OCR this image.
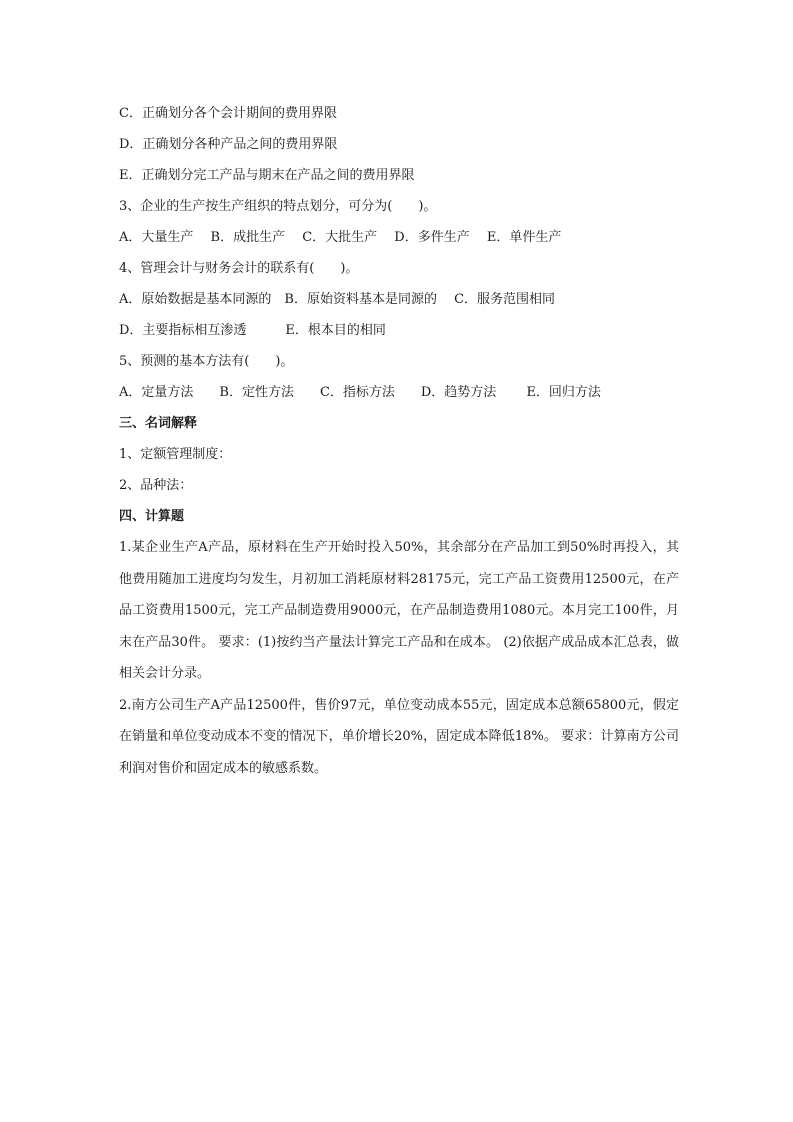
C．正确划分各个会计期间的费用界限

D．正确划分各种产品之间的费用界限

E．正确划分完工产品与期末在产品之间的费用界限

3、企业的生产按生产组织的特点划分，可分为(　　)。

A．大量生产　 B．成批生产　 C．大批生产　 D．多件生产　 E．单件生产

4、管理会计与财务会计的联系有(　　)。

A．原始数据是基本同源的　B．原始资料基本是同源的　 C．服务范围相同

D．主要指标相互渗透　　　E．根本目的相同

5、预测的基本方法有(　　)。

A．定量方法　　B．定性方法　　C．指标方法　　D．趋势方法　　 E．回归方法

三、名词解释

1、定额管理制度：

2、品种法：

四、计算题

1.某企业生产A产品，原材料在生产开始时投入50%，其余部分在产品加工到50%时再投入，其他费用随加工进度均匀发生，月初加工消耗原材料28175元，完工产品工资费用12500元，在产品工资费用1500元，完工产品制造费用9000元，在产品制造费用1080元。本月完工100件，月末在产品30件。 要求：(1)按约当产量法计算完工产品和在成本。 (2)依据产成品成本汇总表，做相关会计分录。

2.南方公司生产A产品12500件，售价97元，单位变动成本55元，固定成本总额65800元，假定在销量和单位变动成本不变的情况下，单价增长20%，固定成本降低18%。 要求：计算南方公司利润对售价和固定成本的敏感系数。
